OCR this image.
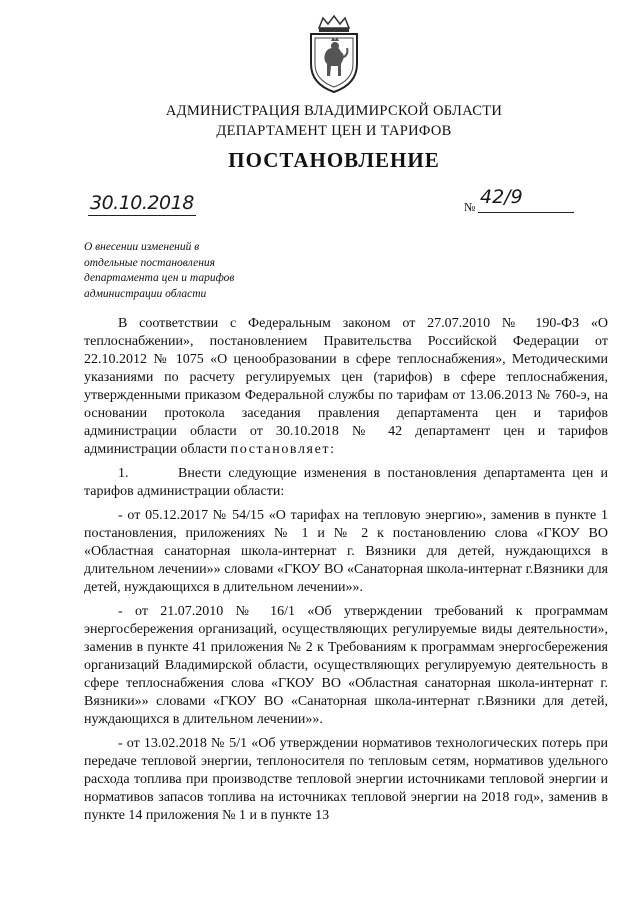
АДМИНИСТРАЦИЯ ВЛАДИМИРСКОЙ ОБЛАСТИ
ДЕПАРТАМЕНТ ЦЕН И ТАРИФОВ
ПОСТАНОВЛЕНИЕ
30.10.2018	№ 42/9
О внесении изменений в
отдельные постановления
департамента цен и тарифов
администрации области

В соответствии с Федеральным законом от 27.07.2010 № 190-ФЗ «О теплоснабжении», постановлением Правительства Российской Федерации от 22.10.2012 № 1075 «О ценообразовании в сфере теплоснабжения», Методическими указаниями по расчету регулируемых цен (тарифов) в сфере теплоснабжения, утвержденными приказом Федеральной службы по тарифам от 13.06.2013 № 760-э, на основании протокола заседания правления департамента цен и тарифов администрации области от 30.10.2018 № 42 департамент цен и тарифов администрации области постановляет:

1.       Внести следующие изменения в постановления департамента цен и тарифов администрации области:

- от 05.12.2017 № 54/15 «О тарифах на тепловую энергию», заменив в пункте 1 постановления, приложениях № 1 и № 2 к постановлению слова «ГКОУ ВО «Областная санаторная школа-интернат г. Вязники для детей, нуждающихся в длительном лечении»» словами «ГКОУ ВО «Санаторная школа-интернат г.Вязники для детей, нуждающихся в длительном лечении»».

- от 21.07.2010 № 16/1 «Об утверждении требований к программам энергосбережения организаций, осуществляющих регулируемые виды деятельности», заменив в пункте 41 приложения № 2 к Требованиям к программам энергосбережения организаций Владимирской области, осуществляющих регулируемую деятельность в сфере теплоснабжения слова «ГКОУ ВО «Областная санаторная школа-интернат г. Вязники»» словами «ГКОУ ВО «Санаторная школа-интернат г.Вязники для детей, нуждающихся в длительном лечении»».

- от 13.02.2018 № 5/1 «Об утверждении нормативов технологических потерь при передаче тепловой энергии, теплоносителя по тепловым сетям, нормативов удельного расхода топлива при производстве тепловой энергии источниками тепловой энергии и нормативов запасов топлива на источниках тепловой энергии на 2018 год», заменив в пункте 14 приложения № 1 и в пункте 13
